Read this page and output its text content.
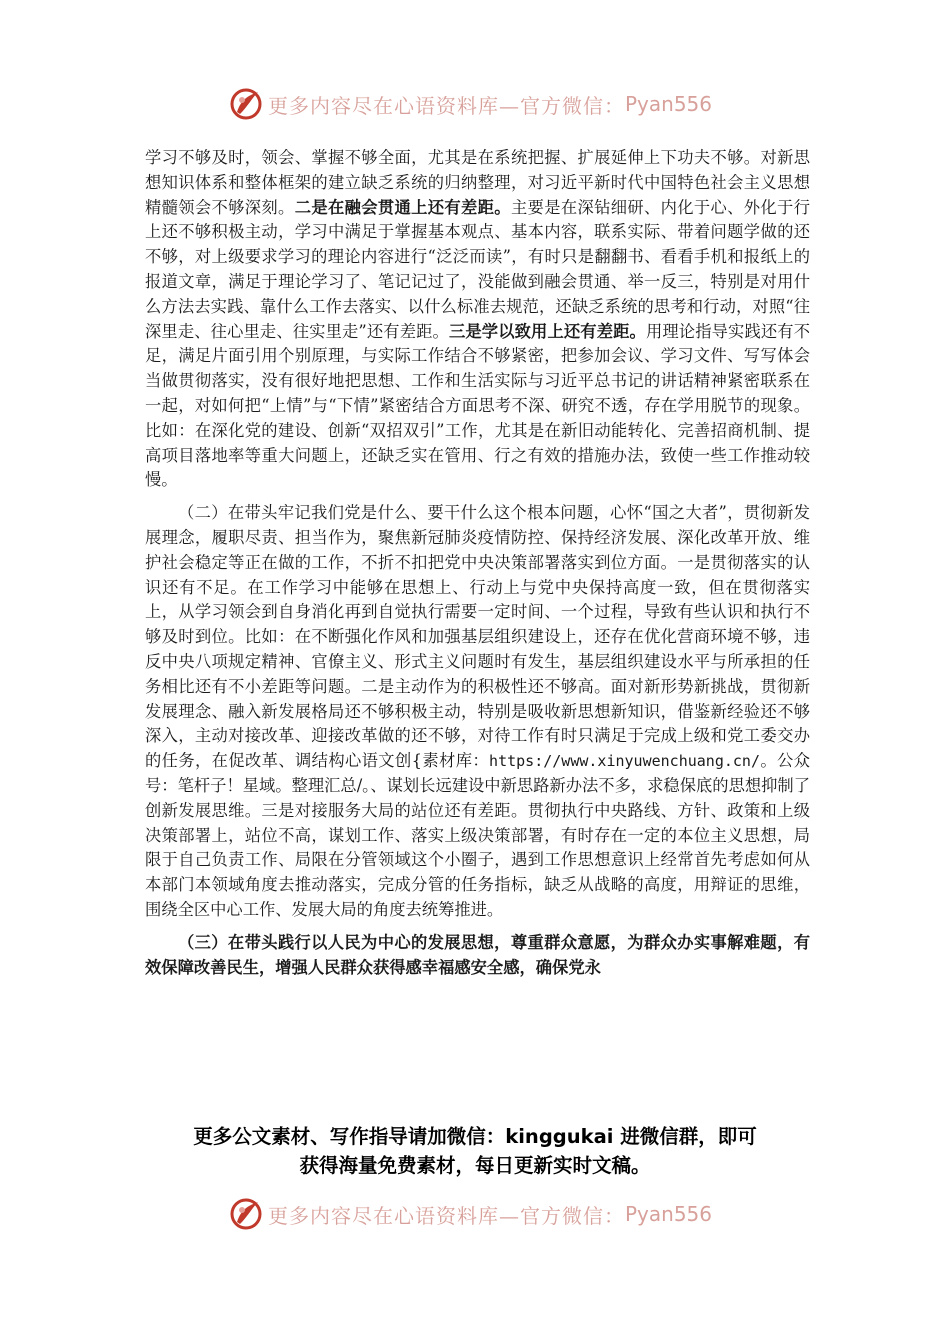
更多内容尽在心语资料库—官方微信： Pyan556

学习不够及时，领会、掌握不够全面，尤其是在系统把握、扩展延伸上下功夫不够。对新思想知识体系和整体框架的建立缺乏系统的归纳整理，对习近平新时代中国特色社会主义思想精髓领会不够深刻。二是在融会贯通上还有差距。主要是在深钻细研、内化于心、外化于行上还不够积极主动，学习中满足于掌握基本观点、基本内容，联系实际、带着问题学做的还不够，对上级要求学习的理论内容进行“泛泛而读”，有时只是翻翻书、看看手机和报纸上的报道文章，满足于理论学习了、笔记记过了，没能做到融会贯通、举一反三，特别是对用什么方法去实践、靠什么工作去落实、以什么标准去规范，还缺乏系统的思考和行动，对照“往深里走、往心里走、往实里走”还有差距。三是学以致用上还有差距。用理论指导实践还有不足，满足片面引用个别原理，与实际工作结合不够紧密，把参加会议、学习文件、写写体会当做贯彻落实，没有很好地把思想、工作和生活实际与习近平总书记的讲话精神紧密联系在一起，对如何把“上情”与“下情”紧密结合方面思考不深、研究不透，存在学用脱节的现象。比如：在深化党的建设、创新“双招双引”工作，尤其是在新旧动能转化、完善招商机制、提高项目落地率等重大问题上，还缺乏实在管用、行之有效的措施办法，致使一些工作推动较慢。

（二）在带头牢记我们党是什么、要干什么这个根本问题，心怀“国之大者”，贯彻新发展理念，履职尽责、担当作为，聚焦新冠肺炎疫情防控、保持经济发展、深化改革开放、维护社会稳定等正在做的工作，不折不扣把党中央决策部署落实到位方面。一是贯彻落实的认识还有不足。在工作学习中能够在思想上、行动上与党中央保持高度一致，但在贯彻落实上，从学习领会到自身消化再到自觉执行需要一定时间、一个过程，导致有些认识和执行不够及时到位。比如：在不断强化作风和加强基层组织建设上，还存在优化营商环境不够，违反中央八项规定精神、官僚主义、形式主义问题时有发生，基层组织建设水平与所承担的任务相比还有不小差距等问题。二是主动作为的积极性还不够高。面对新形势新挑战，贯彻新发展理念、融入新发展格局还不够积极主动，特别是吸收新思想新知识，借鉴新经验还不够深入，主动对接改革、迎接改革做的还不够，对待工作有时只满足于完成上级和党工委交办的任务，在促改革、调结构心语文创{素材库：https://www.xinyuwenchuang.cn/。公众号：笔杆子！星域。整理汇总/。、谋划长远建设中新思路新办法不多，求稳保底的思想抑制了创新发展思维。三是对接服务大局的站位还有差距。贯彻执行中央路线、方针、政策和上级决策部署上，站位不高，谋划工作、落实上级决策部署，有时存在一定的本位主义思想，局限于自己负责工作、局限在分管领域这个小圈子，遇到工作思想意识上经常首先考虑如何从本部门本领域角度去推动落实，完成分管的任务指标，缺乏从战略的高度，用辩证的思维，围绕全区中心工作、发展大局的角度去统筹推进。

（三）在带头践行以人民为中心的发展思想，尊重群众意愿，为群众办实事解难题，有效保障改善民生，增强人民群众获得感幸福感安全感，确保党永

更多公文素材、写作指导请加微信：kinggukai 进微信群，即可
获得海量免费素材，每日更新实时文稿。
更多内容尽在心语资料库—官方微信： Pyan556
